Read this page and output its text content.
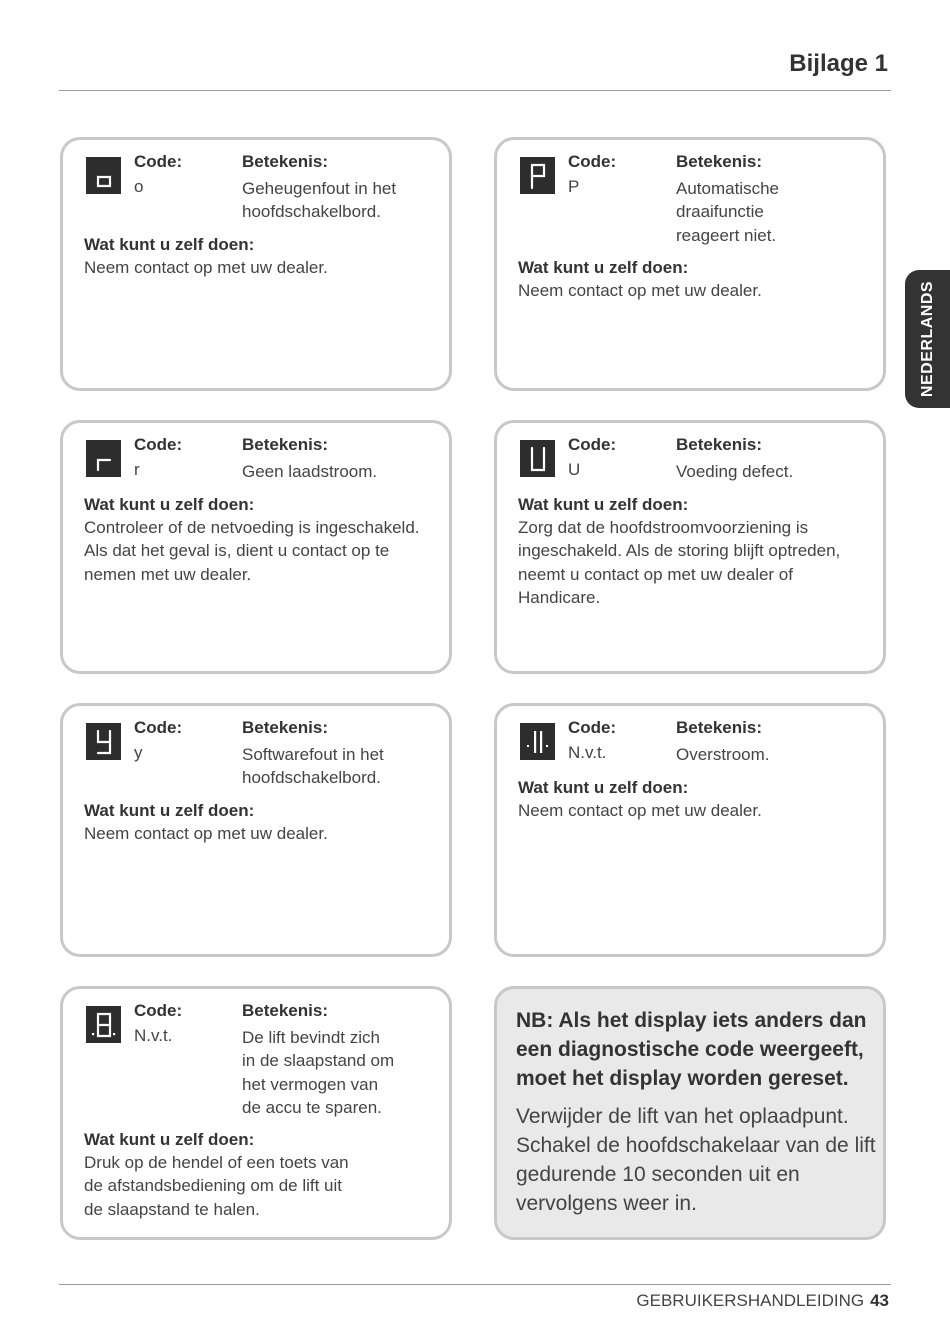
Bijlage 1
NEDERLANDS
Code:
o
Betekenis:
Geheugenfout in het
hoofdschakelbord.
Wat kunt u zelf doen:
Neem contact op met uw dealer.
Code:
P
Betekenis:
Automatische
draaifunctie
reageert niet.
Wat kunt u zelf doen:
Neem contact op met uw dealer.
Code:
r
Betekenis:
Geen laadstroom.
Wat kunt u zelf doen:
Controleer of de netvoeding is ingeschakeld.
Als dat het geval is, dient u contact op te
nemen met uw dealer.
Code:
U
Betekenis:
Voeding defect.
Wat kunt u zelf doen:
Zorg dat de hoofdstroomvoorziening is
ingeschakeld. Als de storing blijft optreden,
neemt u contact op met uw dealer of
Handicare.
Code:
y
Betekenis:
Softwarefout in het
hoofdschakelbord.
Wat kunt u zelf doen:
Neem contact op met uw dealer.
Code:
N.v.t.
Betekenis:
Overstroom.
Wat kunt u zelf doen:
Neem contact op met uw dealer.
Code:
N.v.t.
Betekenis:
De lift bevindt zich
in de slaapstand om
het vermogen van
de accu te sparen.
Wat kunt u zelf doen:
Druk op de hendel of een toets van
de afstandsbediening om de lift uit
de slaapstand te halen.
NB: Als het display iets anders dan een diagnostische code weergeeft, moet het display worden gereset.
Verwijder de lift van het oplaadpunt. Schakel de hoofdschakelaar van de lift gedurende 10 seconden uit en vervolgens weer in.
GEBRUIKERSHANDLEIDING 43
